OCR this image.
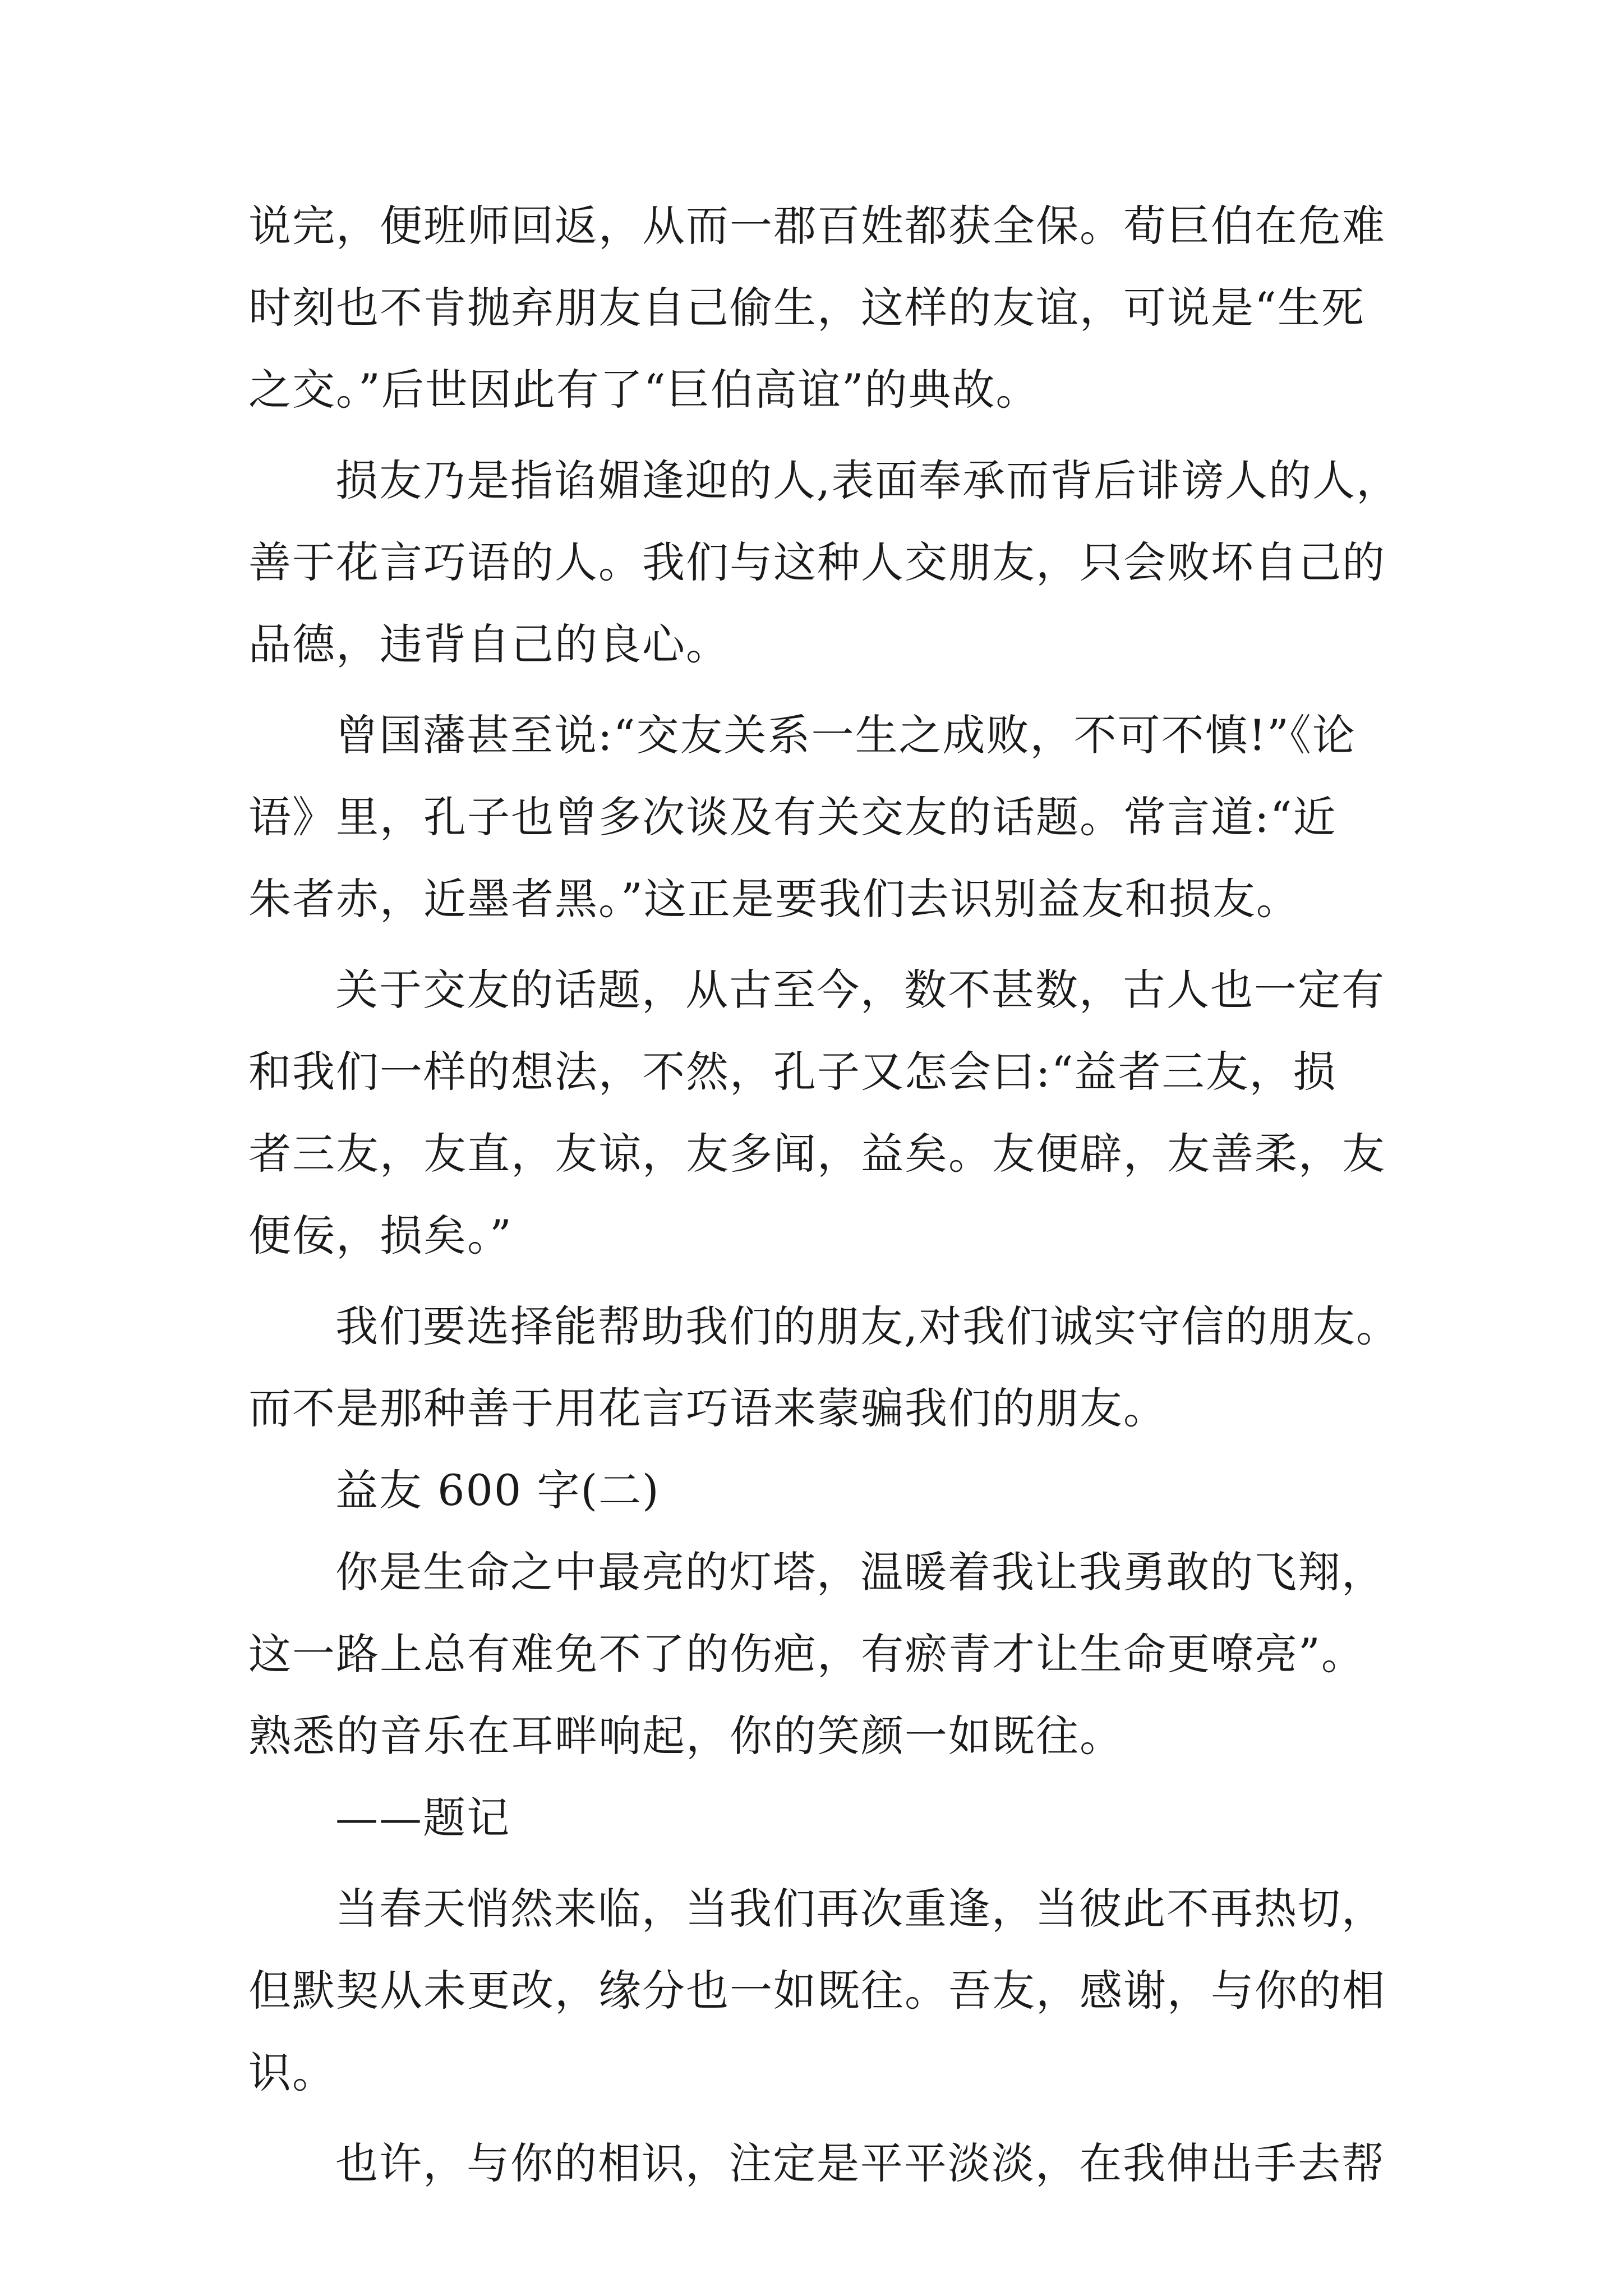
说完，便班师回返，从而一郡百姓都获全保。荀巨伯在危难
时刻也不肯抛弃朋友自己偷生，这样的友谊，可说是“生死
之交。”后世因此有了“巨伯高谊”的典故。
损友乃是指谄媚逢迎的人,表面奉承而背后诽谤人的人，
善于花言巧语的人。我们与这种人交朋友，只会败坏自己的
品德，违背自己的良心。
曾国藩甚至说:“交友关系一生之成败，不可不慎!”《论
语》里，孔子也曾多次谈及有关交友的话题。常言道:“近
朱者赤，近墨者黑。”这正是要我们去识别益友和损友。
关于交友的话题，从古至今，数不甚数，古人也一定有
和我们一样的想法，不然，孔子又怎会曰:“益者三友，损
者三友，友直，友谅，友多闻，益矣。友便辟，友善柔，友
便佞，损矣。”
我们要选择能帮助我们的朋友,对我们诚实守信的朋友。
而不是那种善于用花言巧语来蒙骗我们的朋友。
益友 600 字(二)
你是生命之中最亮的灯塔，温暖着我让我勇敢的飞翔，
这一路上总有难免不了的伤疤，有瘀青才让生命更嘹亮”。
熟悉的音乐在耳畔响起，你的笑颜一如既往。
——题记
当春天悄然来临，当我们再次重逢，当彼此不再热切，
但默契从未更改，缘分也一如既往。吾友，感谢，与你的相
识。
也许，与你的相识，注定是平平淡淡，在我伸出手去帮
